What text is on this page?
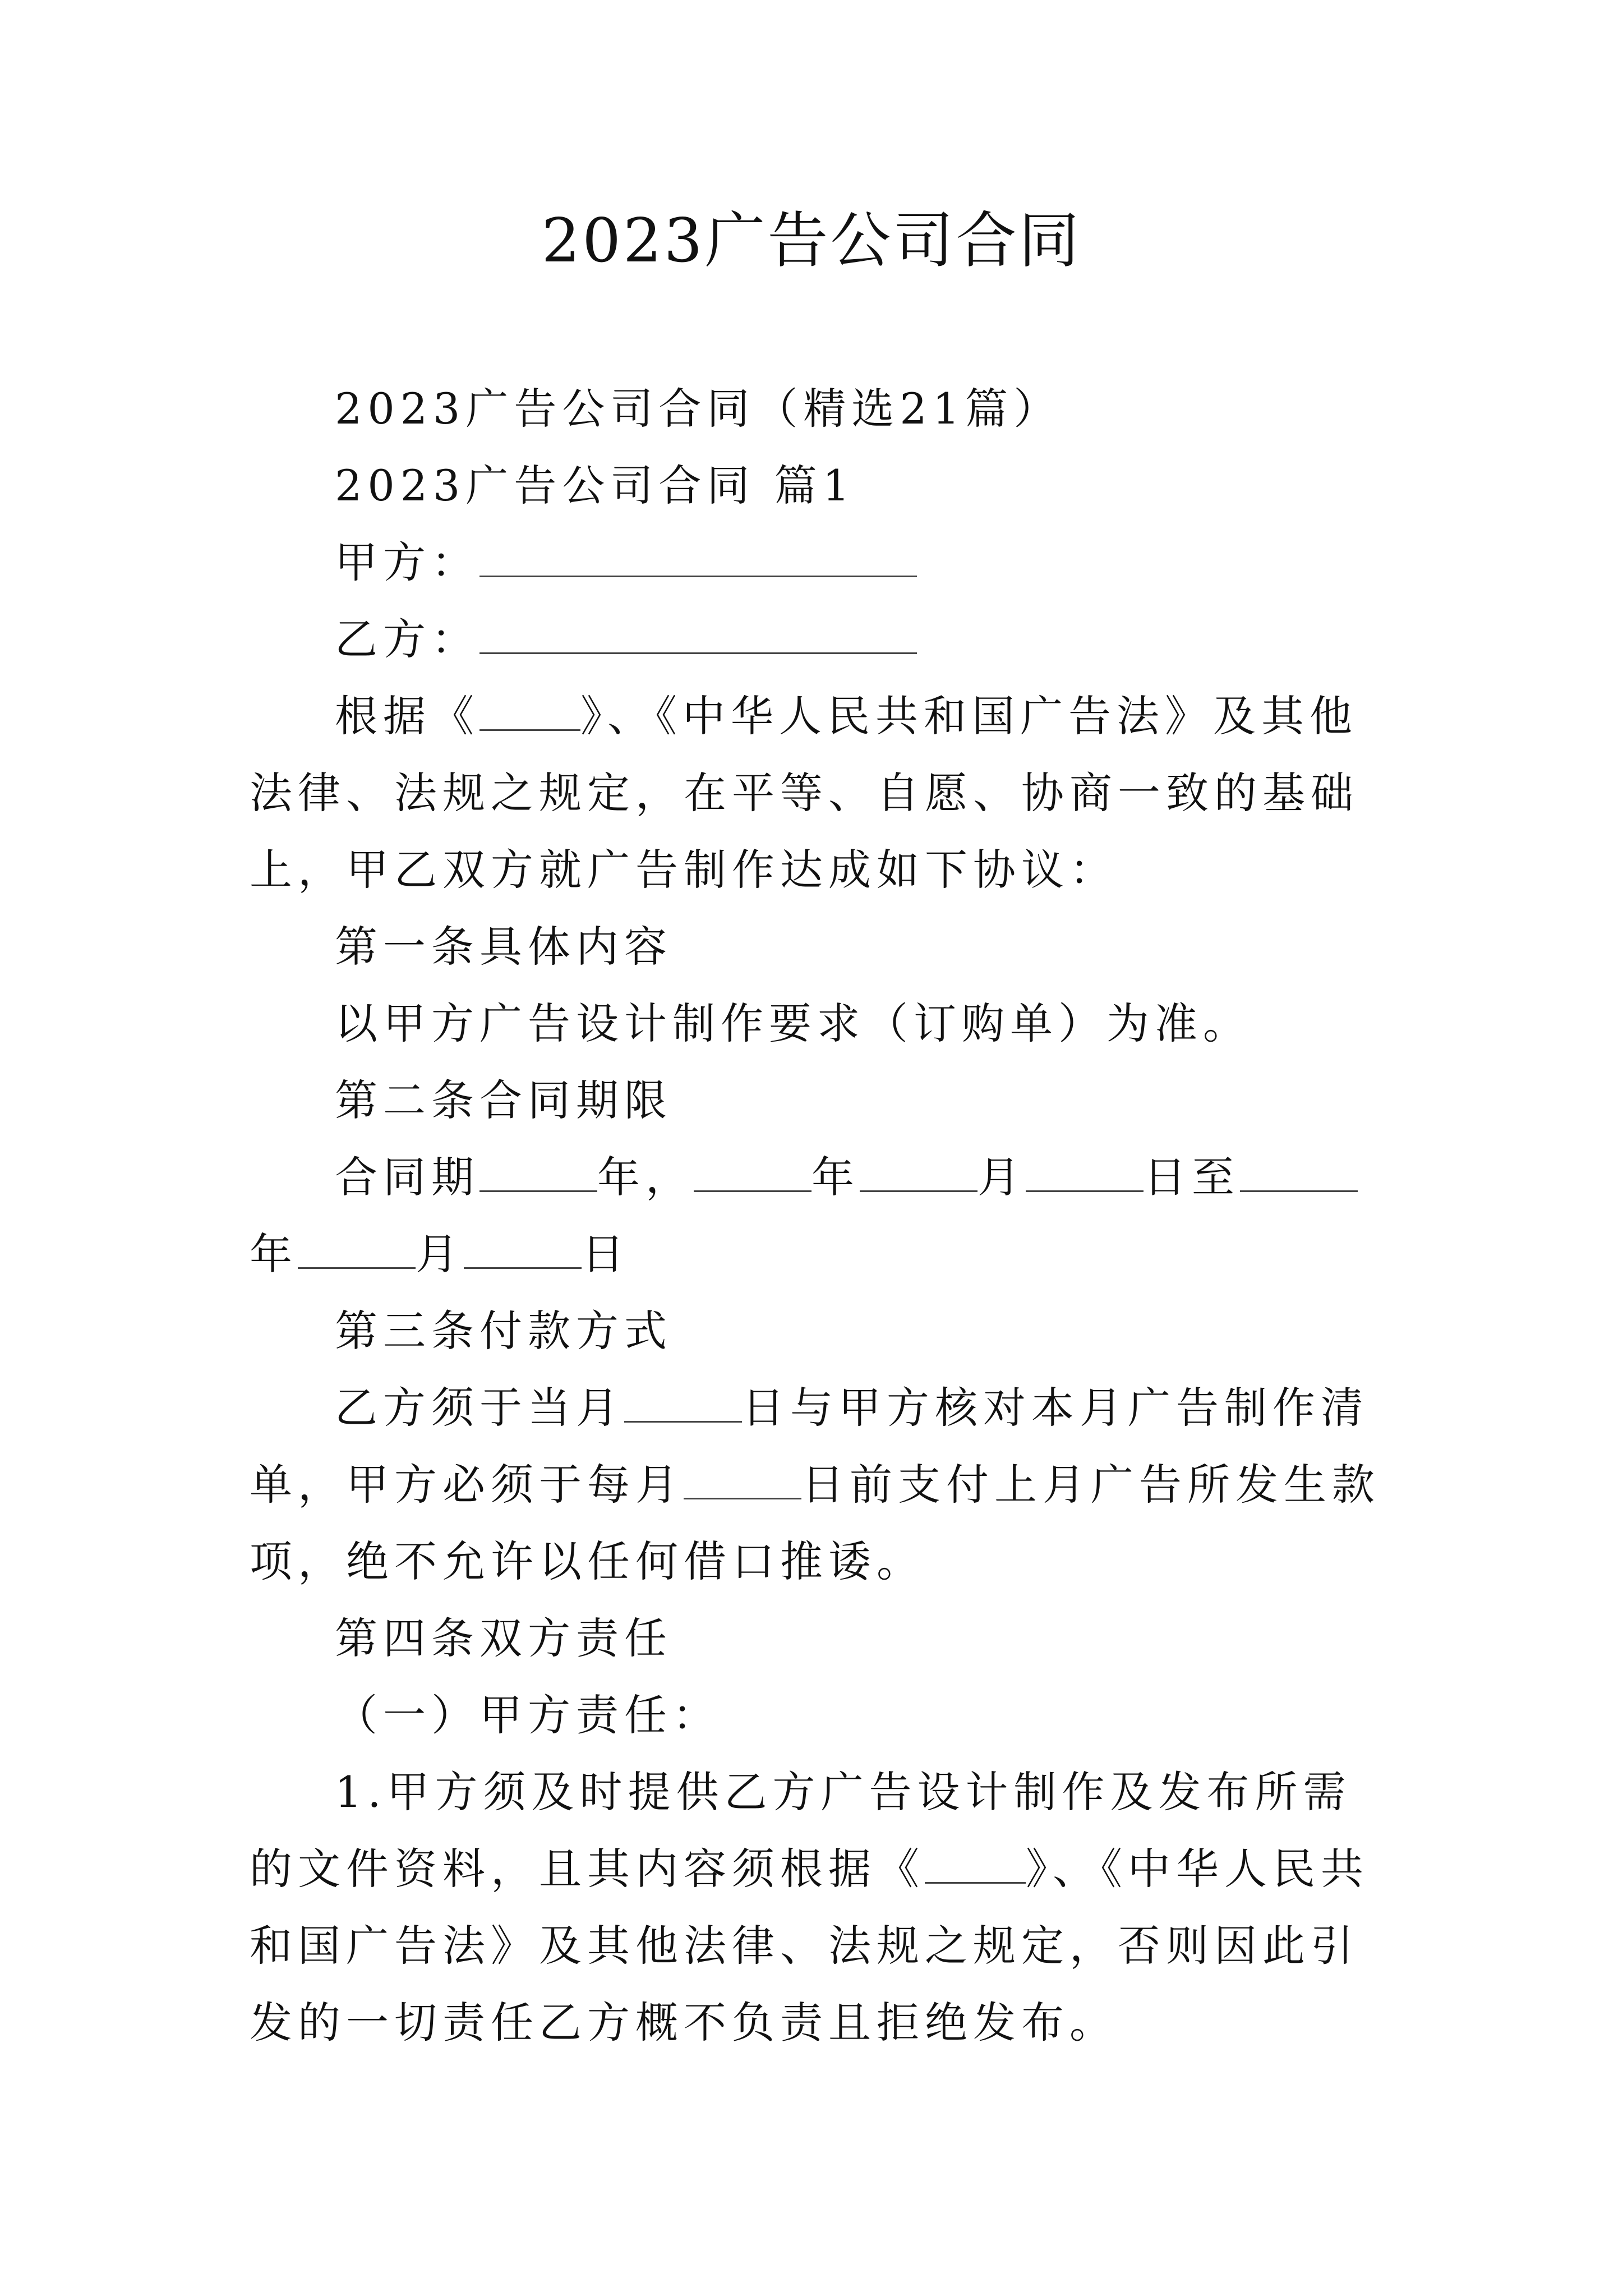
2023广告公司合同

2023广告公司合同（精选21篇）

2023广告公司合同 篇1

甲方：

乙方：

根据《 》、《中华人民共和国广告法》及其他法律、法规之规定，在平等、自愿、协商一致的基础上，甲乙双方就广告制作达成如下协议：

第一条具体内容

以甲方广告设计制作要求（订购单）为准。

第二条合同期限

合同期	年，	年	月	日至年	月	日

第三条付款方式

乙方须于当月	日与甲方核对本月广告制作清单，甲方必须于每月	日前支付上月广告所发生款项，绝不允许以任何借口推诿。

第四条双方责任

（一）甲方责任：

1.甲方须及时提供乙方广告设计制作及发布所需的文件资料，且其内容须根据《 》、《中华人民共和国广告法》及其他法律、法规之规定，否则因此引发的一切责任乙方概不负责且拒绝发布。
